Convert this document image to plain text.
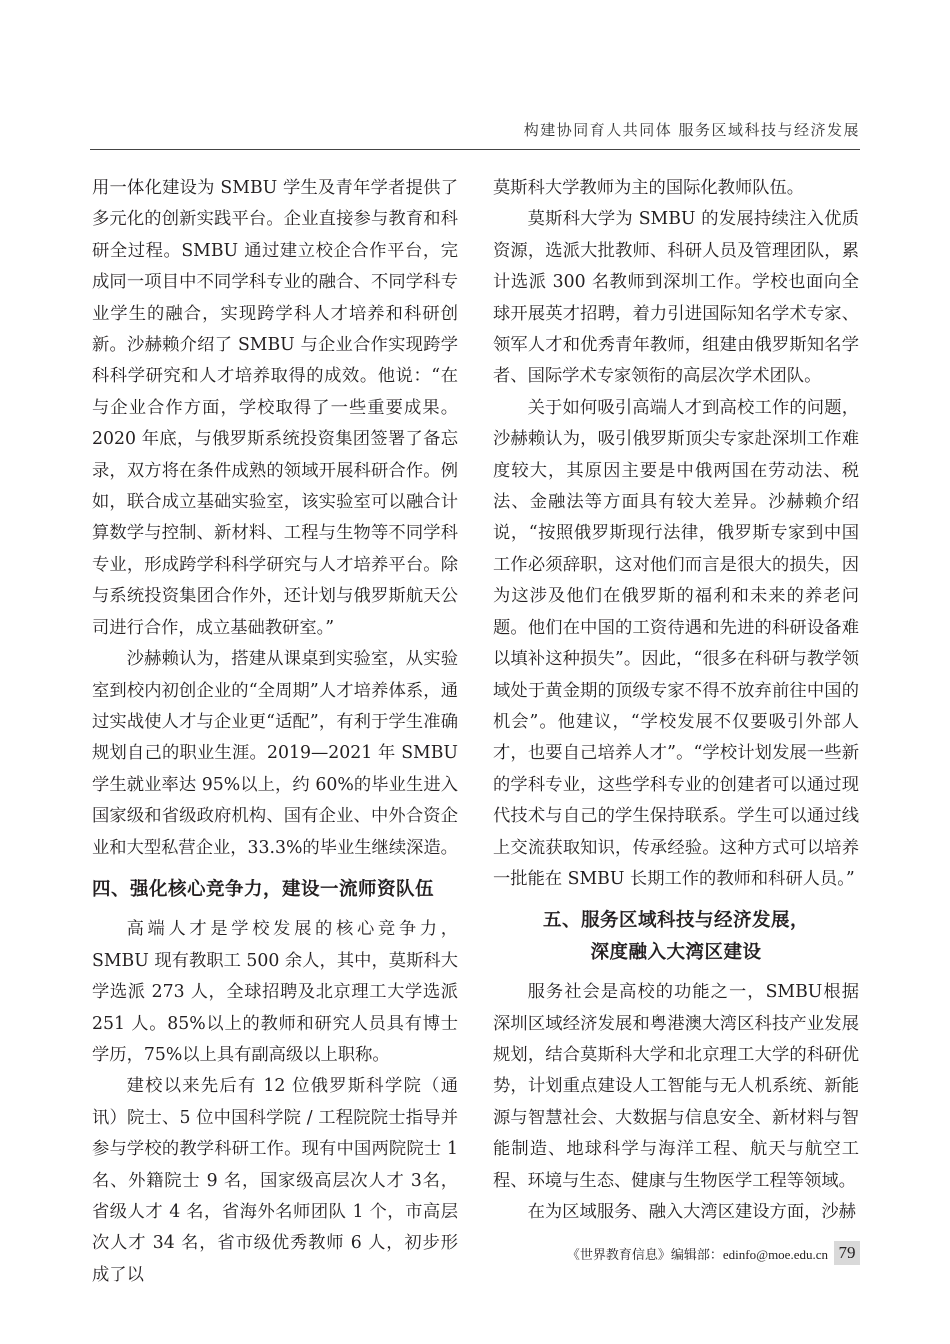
构建协同育人共同体 服务区域科技与经济发展

用一体化建设为 SMBU 学生及青年学者提供了多元化的创新实践平台。企业直接参与教育和科研全过程。SMBU 通过建立校企合作平台，完成同一项目中不同学科专业的融合、不同学科专业学生的融合，实现跨学科人才培养和科研创新。沙赫赖介绍了 SMBU 与企业合作实现跨学科科学研究和人才培养取得的成效。他说：“在与企业合作方面，学校取得了一些重要成果。2020 年底，与俄罗斯系统投资集团签署了备忘录，双方将在条件成熟的领域开展科研合作。例如，联合成立基础实验室，该实验室可以融合计算数学与控制、新材料、工程与生物等不同学科专业，形成跨学科科学研究与人才培养平台。除与系统投资集团合作外，还计划与俄罗斯航天公司进行合作，成立基础教研室。”

沙赫赖认为，搭建从课桌到实验室，从实验室到校内初创企业的“全周期”人才培养体系，通过实战使人才与企业更“适配”，有利于学生准确规划自己的职业生涯。2019—2021 年 SMBU 学生就业率达 95%以上，约 60%的毕业生进入国家级和省级政府机构、国有企业、中外合资企业和大型私营企业，33.3%的毕业生继续深造。

四、强化核心竞争力，建设一流师资队伍

高端人才是学校发展的核心竞争力，SMBU 现有教职工 500 余人，其中，莫斯科大学选派 273 人，全球招聘及北京理工大学选派 251 人。85%以上的教师和研究人员具有博士学历，75%以上具有副高级以上职称。

建校以来先后有 12 位俄罗斯科学院（通讯）院士、5 位中国科学院 / 工程院院士指导并参与学校的教学科研工作。现有中国两院院士 1 名、外籍院士 9 名，国家级高层次人才 3名，省级人才 4 名，省海外名师团队 1 个，市高层次人才 34 名，省市级优秀教师 6 人，初步形成了以

莫斯科大学教师为主的国际化教师队伍。

莫斯科大学为 SMBU 的发展持续注入优质资源，选派大批教师、科研人员及管理团队，累计选派 300 名教师到深圳工作。学校也面向全球开展英才招聘，着力引进国际知名学术专家、领军人才和优秀青年教师，组建由俄罗斯知名学者、国际学术专家领衔的高层次学术团队。

关于如何吸引高端人才到高校工作的问题，沙赫赖认为，吸引俄罗斯顶尖专家赴深圳工作难度较大，其原因主要是中俄两国在劳动法、税法、金融法等方面具有较大差异。沙赫赖介绍说，“按照俄罗斯现行法律，俄罗斯专家到中国工作必须辞职，这对他们而言是很大的损失，因为这涉及他们在俄罗斯的福利和未来的养老问题。他们在中国的工资待遇和先进的科研设备难以填补这种损失”。因此，“很多在科研与教学领域处于黄金期的顶级专家不得不放弃前往中国的机会”。他建议，“学校发展不仅要吸引外部人才，也要自己培养人才”。“学校计划发展一些新的学科专业，这些学科专业的创建者可以通过现代技术与自己的学生保持联系。学生可以通过线上交流获取知识，传承经验。这种方式可以培养一批能在 SMBU 长期工作的教师和科研人员。”

五、服务区域科技与经济发展，
深度融入大湾区建设

服务社会是高校的功能之一，SMBU根据深圳区域经济发展和粤港澳大湾区科技产业发展规划，结合莫斯科大学和北京理工大学的科研优势，计划重点建设人工智能与无人机系统、新能源与智慧社会、大数据与信息安全、新材料与智能制造、地球科学与海洋工程、航天与航空工程、环境与生态、健康与生物医学工程等领域。

在为区域服务、融入大湾区建设方面，沙赫

《世界教育信息》编辑部：edinfo@moe.edu.cn 79
